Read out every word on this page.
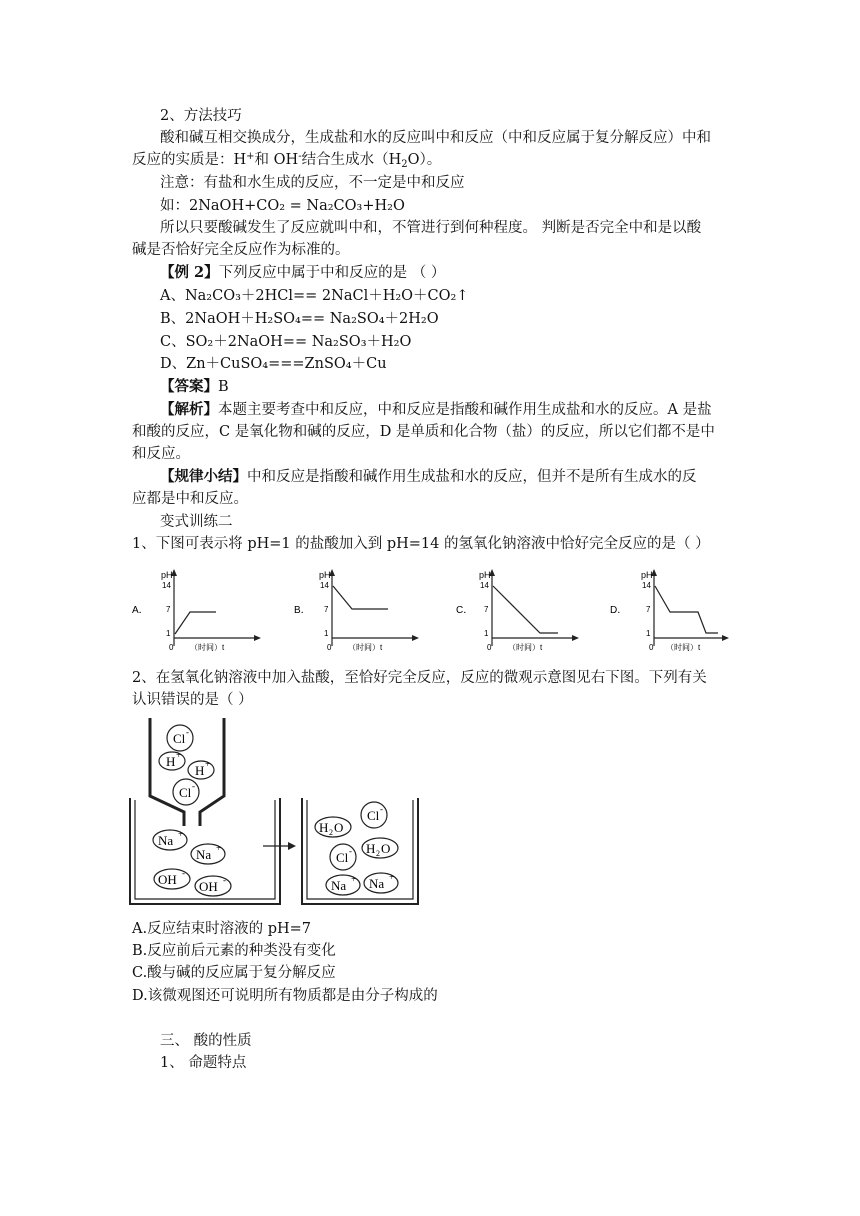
2、方法技巧
酸和碱互相交换成分，生成盐和水的反应叫中和反应（中和反应属于复分解反应）中和
反应的实质是：H+和 OH-结合生成水$(H_2O)$。
注意：有盐和水生成的反应，不一定是中和反应
如：2NaOH+CO₂ = Na₂CO₃+H₂O
所以只要酸碱发生了反应就叫中和，不管进行到何种程度。 判断是否完全中和是以酸
碱是否恰好完全反应作为标准的。
【例 2】下列反应中属于中和反应的是 （ ）
A、Na₂CO₃＋2HCl== 2NaCl＋H₂O＋CO₂↑
B、2NaOH＋H₂SO₄== Na₂SO₄＋2H₂O
C、SO₂＋2NaOH== Na₂SO₃＋H₂O
D、Zn＋CuSO₄===ZnSO₄＋Cu
【答案】B
【解析】本题主要考查中和反应，中和反应是指酸和碱作用生成盐和水的反应。A 是盐
和酸的反应，C 是氧化物和碱的反应，D 是单质和化合物（盐）的反应，所以它们都不是中
和反应。
【规律小结】中和反应是指酸和碱作用生成盐和水的反应，但并不是所有生成水的反
应都是中和反应。
变式训练二
1、下图可表示将 pH=1 的盐酸加入到 pH=14 的氢氧化钠溶液中恰好完全反应的是（ ）
A．
pH
14
7
1
0 （时间）t
B．
pH
14
7
1
0 （时间）t
C．
pH
14
7
1
0 （时间）t
D．
pH
14
7
1
0 （时间）t
2、在氢氧化钠溶液中加入盐酸，至恰好完全反应，反应的微观示意图见右下图。下列有关
认识错误的是（ ）
Cl -
H +
H +
Cl -
Na +
Na +
OH -
OH -
H 2 O
Cl -
Cl - H 2 O
Na + Na +
A.反应结束时溶液的 pH=7
B.反应前后元素的种类没有变化
C.酸与碱的反应属于复分解反应
D.该微观图还可说明所有物质都是由分子构成的
三、 酸的性质
1、 命题特点
